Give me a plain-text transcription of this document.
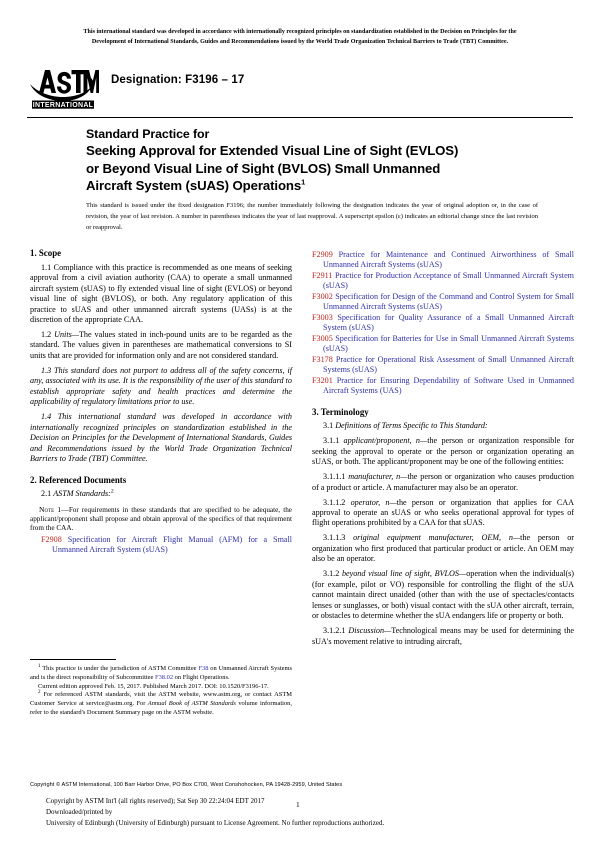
This international standard was developed in accordance with internationally recognized principles on standardization established in the Decision on Principles for the
Development of International Standards, Guides and Recommendations issued by the World Trade Organization Technical Barriers to Trade (TBT) Committee.
INTERNATIONAL
Designation: F3196 – 17
Standard Practice for
Seeking Approval for Extended Visual Line of Sight (EVLOS)
or Beyond Visual Line of Sight (BVLOS) Small Unmanned
Aircraft System (sUAS) Operations$^1$
This standard is issued under the fixed designation F3196; the number immediately following the designation indicates the year of original adoption or, in the case of revision, the year of last revision. A number in parentheses indicates the year of last reapproval. A superscript epsilon (ε) indicates an editorial change since the last revision or reapproval.
1. Scope

1.1 Compliance with this practice is recommended as one means of seeking approval from a civil aviation authority (CAA) to operate a small unmanned aircraft system (sUAS) to fly extended visual line of sight (EVLOS) or beyond visual line of sight (BVLOS), or both. Any regulatory application of this practice to sUAS and other unmanned aircraft systems (UASs) is at the discretion of the appropriate CAA.

1.2 Units—The values stated in inch-pound units are to be regarded as the standard. The values given in parentheses are mathematical conversions to SI units that are provided for information only and are not considered standard.

1.3 This standard does not purport to address all of the safety concerns, if any, associated with its use. It is the responsibility of the user of this standard to establish appropriate safety and health practices and determine the applicability of regulatory limitations prior to use.

1.4 This international standard was developed in accordance with internationally recognized principles on standardization established in the Decision on Principles for the Development of International Standards, Guides and Recommendations issued by the World Trade Organization Technical Barriers to Trade (TBT) Committee.

2. Referenced Documents

2.1 ASTM Standards:$^2$

Note 1—For requirements in these standards that are specified to be adequate, the applicant/proponent shall propose and obtain approval of the specifics of that requirement from the CAA.

F2908 Specification for Aircraft Flight Manual (AFM) for a Small Unmanned Aircraft System (sUAS)
F2909 Practice for Maintenance and Continued Airworthiness of Small Unmanned Aircraft Systems (sUAS)
F2911 Practice for Production Acceptance of Small Unmanned Aircraft System (sUAS)
F3002 Specification for Design of the Command and Control System for Small Unmanned Aircraft Systems (sUAS)
F3003 Specification for Quality Assurance of a Small Unmanned Aircraft System (sUAS)
F3005 Specification for Batteries for Use in Small Unmanned Aircraft Systems (sUAS)
F3178 Practice for Operational Risk Assessment of Small Unmanned Aircraft Systems (sUAS)
F3201 Practice for Ensuring Dependability of Software Used in Unmanned Aircraft Systems (UAS)
3. Terminology

3.1 Definitions of Terms Specific to This Standard:

3.1.1 applicant/proponent, n—the person or organization responsible for seeking the approval to operate or the person or organization operating an sUAS, or both. The applicant/proponent may be one of the following entities:

3.1.1.1 manufacturer, n—the person or organization who causes production of a product or article. A manufacturer may also be an operator.

3.1.1.2 operator, n—the person or organization that applies for CAA approval to operate an sUAS or who seeks operational approval for types of flight operations prohibited by a CAA for that sUAS.

3.1.1.3 original equipment manufacturer, OEM, n—the person or organization who first produced that particular product or article. An OEM may also be an operator.

3.1.2 beyond visual line of sight, BVLOS—operation when the individual(s) (for example, pilot or VO) responsible for controlling the flight of the sUA cannot maintain direct unaided (other than with the use of spectacles/contacts lenses or sunglasses, or both) visual contact with the sUA other aircraft, terrain, or obstacles to determine whether the sUA endangers life or property or both.

3.1.2.1 Discussion—Technological means may be used for determining the sUA's movement relative to intruding aircraft,

$^1$ This practice is under the jurisdiction of ASTM Committee F38 on Unmanned Aircraft Systems and is the direct responsibility of Subcommittee F38.02 on Flight Operations.

Current edition approved Feb. 15, 2017. Published March 2017. DOI: 10.1520/F3196-17.

$^2$ For referenced ASTM standards, visit the ASTM website, www.astm.org, or contact ASTM Customer Service at service@astm.org. For Annual Book of ASTM Standards volume information, refer to the standard's Document Summary page on the ASTM website.

Copyright © ASTM International, 100 Barr Harbor Drive, PO Box C700, West Conshohocken, PA 19428-2959, United States
Copyright by ASTM Int'l (all rights reserved); Sat Sep 30 22:24:04 EDT 2017
Downloaded/printed by
University of Edinburgh (University of Edinburgh) pursuant to License Agreement. No further reproductions authorized.
1
